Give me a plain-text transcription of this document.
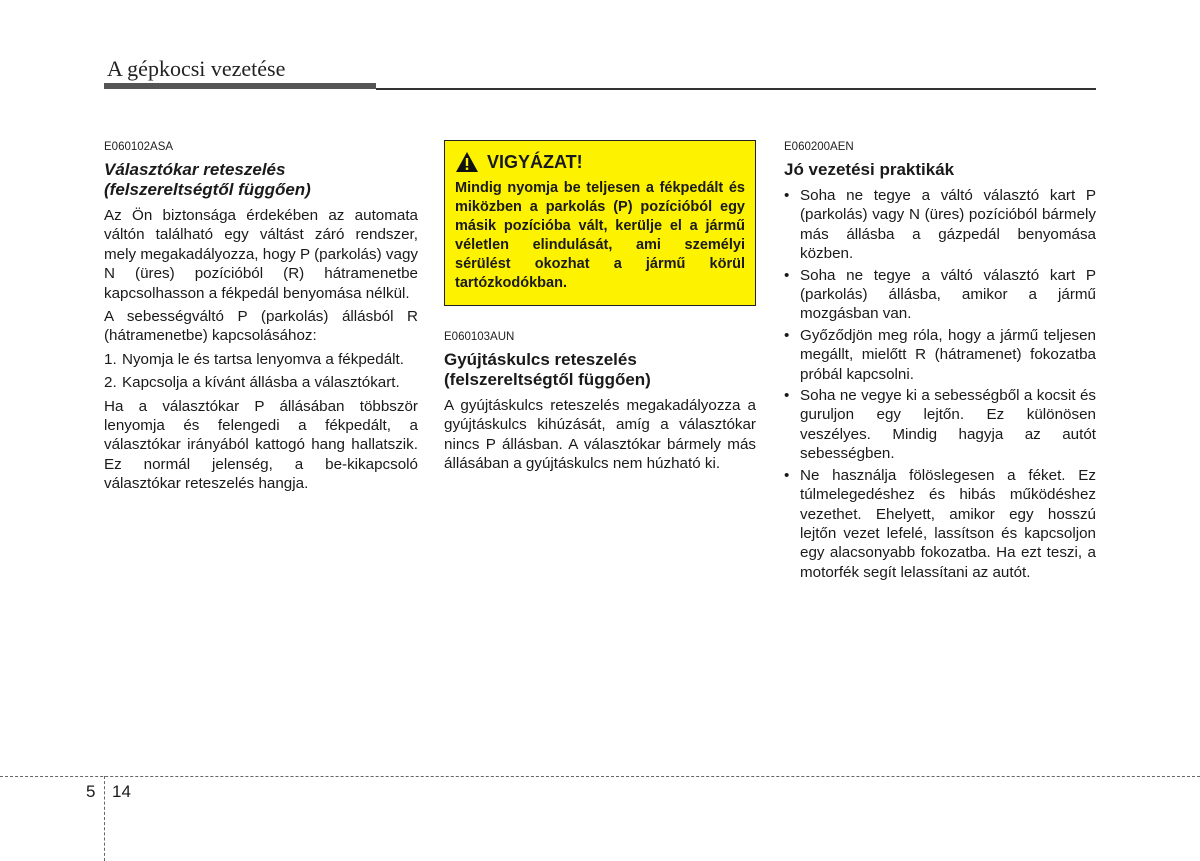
A gépkocsi vezetése
E060102ASA
Választókar reteszelés (felszereltségtől függően)

Az Ön biztonsága érdekében az automata váltón található egy váltást záró rendszer, mely megakadályozza, hogy P (parkolás) vagy N (üres) pozícióból (R) hátramenetbe kapcsolhasson a fékpedál benyomása nélkül.

A sebességváltó P (parkolás) állásból R (hátramenetbe) kapcsolásához:

1. Nyomja le és tartsa lenyomva a fékpedált.
2. Kapcsolja a kívánt állásba a választókart.

Ha a választókar P állásában többször lenyomja és felengedi a fékpedált, a választókar irányából kattogó hang hallatszik. Ez normál jelenség, a be-kikapcsoló választókar reteszelés hangja.

VIGYÁZAT!
Mindig nyomja be teljesen a fékpedált és miközben a parkolás (P) pozícióból egy másik pozícióba vált, kerülje el a jármű véletlen elindulását, ami személyi sérülést okozhat a jármű körül tartózkodókban.
E060103AUN
Gyújtáskulcs reteszelés (felszereltségtől függően)

A gyújtáskulcs reteszelés megakadályozza a gyújtáskulcs kihúzását, amíg a választókar nincs P állásban. A választókar bármely más állásában a gyújtáskulcs nem húzható ki.

E060200AEN
Jó vezetési praktikák
• Soha ne tegye a váltó választó kart P (parkolás) vagy N (üres) pozícióból bármely más állásba a gázpedál benyomása közben.
• Soha ne tegye a váltó választó kart P (parkolás) állásba, amikor a jármű mozgásban van.
• Győződjön meg róla, hogy a jármű teljesen megállt, mielőtt R (hátramenet) fokozatba próbál kapcsolni.
• Soha ne vegye ki a sebességből a kocsit és guruljon egy lejtőn. Ez különösen veszélyes. Mindig hagyja az autót sebességben.
• Ne használja fölöslegesen a féket. Ez túlmelegedéshez és hibás működéshez vezethet. Ehelyett, amikor egy hosszú lejtőn vezet lefelé, lassítson és kapcsoljon egy alacsonyabb fokozatba. Ha ezt teszi, a motorfék segít lelassítani az autót.
5 14
